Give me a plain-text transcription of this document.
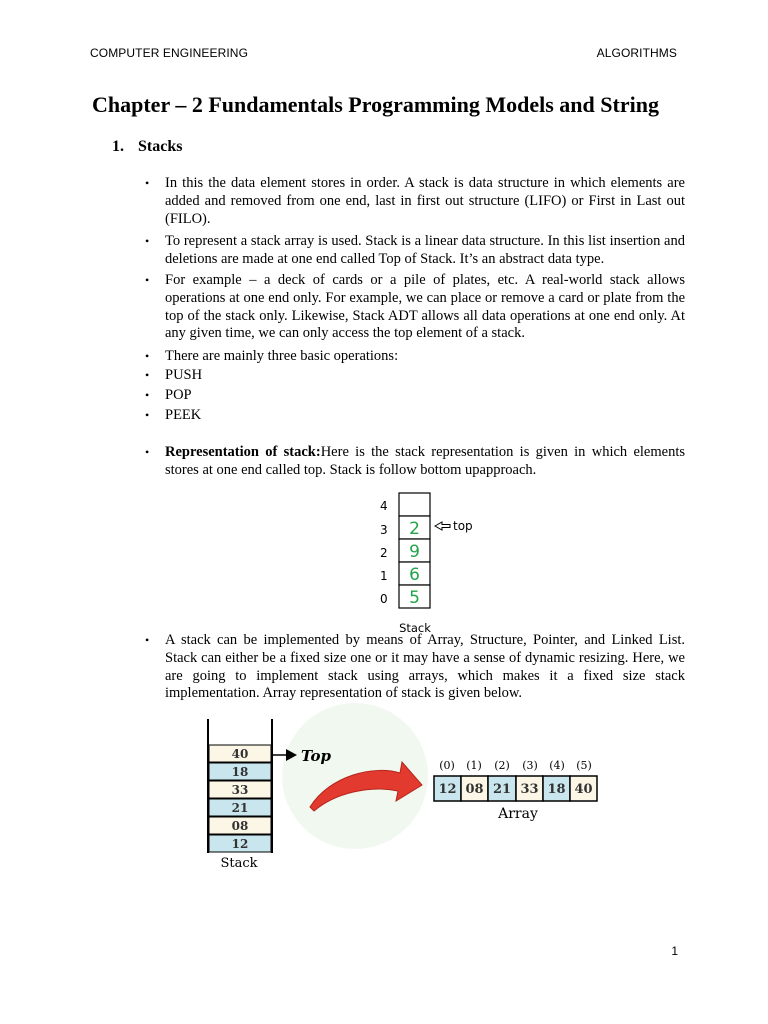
COMPUTER ENGINEERING	ALGORITHMS
Chapter – 2 Fundamentals Programming Models and String
1. Stacks
• In this the data element stores in order. A stack is data structure in which elements are added and removed from one end, last in first out structure (LIFO) or First in Last out (FILO).
• To represent a stack array is used. Stack is a linear data structure. In this list insertion and deletions are made at one end called Top of Stack. It’s an abstract data type.
• For example – a deck of cards or a pile of plates, etc. A real-world stack allows operations at one end only. For example, we can place or remove a card or plate from the top of the stack only. Likewise, Stack ADT allows all data operations at one end only. At any given time, we can only access the top element of a stack.
• There are mainly three basic operations:
• PUSH
• POP
• PEEK
• Representation of stack:Here is the stack representation is given in which elements stores at one end called top. Stack is follow bottom upapproach.
4
3
2
1
0
2
9
6
5
top
Stack
• A stack can be implemented by means of Array, Structure, Pointer, and Linked List. Stack can either be a fixed size one or it may have a sense of dynamic resizing. Here, we are going to implement stack using arrays, which makes it a fixed size stack implementation. Array representation of stack is given below.
40
18
33
21
08
12
Stack
Top
(0) (1) (2) (3) (4) (5)
12 08 21 33 18 40
Array
1
